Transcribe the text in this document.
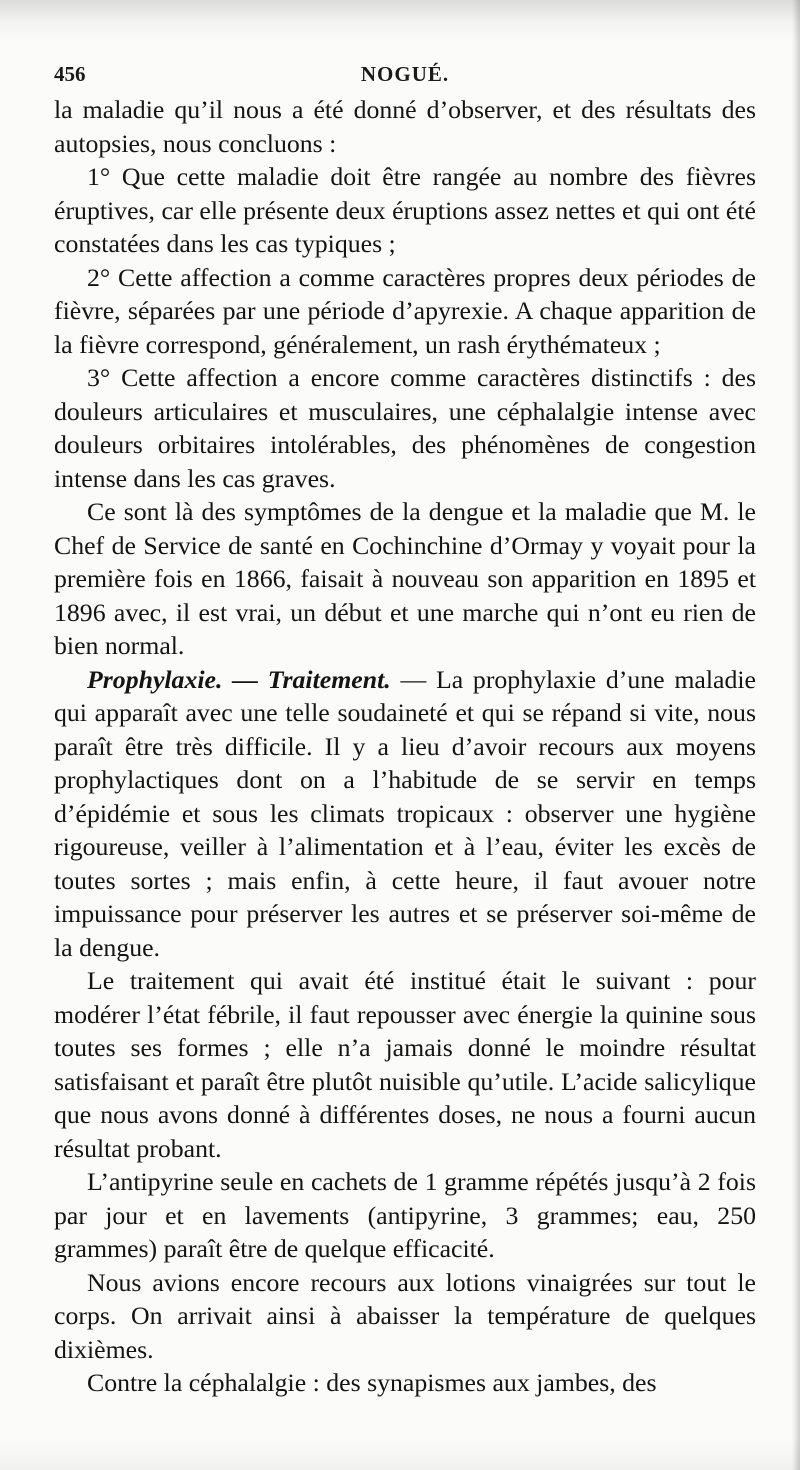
456	NOGUÉ.

la maladie qu’il nous a été donné d’observer, et des résultats des autopsies, nous concluons :

1° Que cette maladie doit être rangée au nombre des fièvres éruptives, car elle présente deux éruptions assez nettes et qui ont été constatées dans les cas typiques ;

2° Cette affection a comme caractères propres deux périodes de fièvre, séparées par une période d’apyrexie. A chaque apparition de la fièvre correspond, généralement, un rash érythémateux ;

3° Cette affection a encore comme caractères distinctifs : des douleurs articulaires et musculaires, une céphalalgie intense avec douleurs orbitaires intolérables, des phénomènes de congestion intense dans les cas graves.

Ce sont là des symptômes de la dengue et la maladie que M. le Chef de Service de santé en Cochinchine d’Ormay y voyait pour la première fois en 1866, faisait à nouveau son apparition en 1895 et 1896 avec, il est vrai, un début et une marche qui n’ont eu rien de bien normal.

Prophylaxie. — Traitement. — La prophylaxie d’une maladie qui apparaît avec une telle soudaineté et qui se répand si vite, nous paraît être très difficile. Il y a lieu d’avoir recours aux moyens prophylactiques dont on a l’habitude de se servir en temps d’épidémie et sous les climats tropicaux : observer une hygiène rigoureuse, veiller à l’alimentation et à l’eau, éviter les excès de toutes sortes ; mais enfin, à cette heure, il faut avouer notre impuissance pour préserver les autres et se préserver soi-même de la dengue.

Le traitement qui avait été institué était le suivant : pour modérer l’état fébrile, il faut repousser avec énergie la quinine sous toutes ses formes ; elle n’a jamais donné le moindre résultat satisfaisant et paraît être plutôt nuisible qu’utile. L’acide salicylique que nous avons donné à différentes doses, ne nous a fourni aucun résultat probant.

L’antipyrine seule en cachets de 1 gramme répétés jusqu’à 2 fois par jour et en lavements (antipyrine, 3 grammes; eau, 250 grammes) paraît être de quelque efficacité.

Nous avions encore recours aux lotions vinaigrées sur tout le corps. On arrivait ainsi à abaisser la température de quelques dixièmes.

Contre la céphalalgie : des synapismes aux jambes, des
